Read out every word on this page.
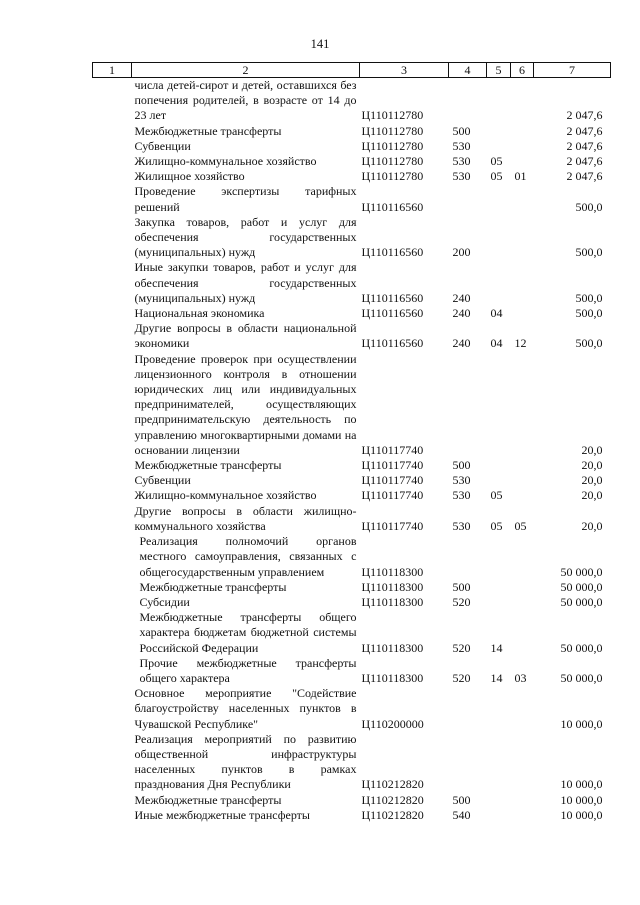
141
1	2	3	4	5	6	7
	числа детей-сирот и детей, оставшихся без попечения родителей, в возрасте от 14 до 23 лет	Ц110112780				2 047,6
	Межбюджетные трансферты	Ц110112780	500			2 047,6
	Субвенции	Ц110112780	530			2 047,6
	Жилищно-коммунальное хозяйство	Ц110112780	530	05		2 047,6
	Жилищное хозяйство	Ц110112780	530	05	01	2 047,6
	Проведение экспертизы тарифных решений	Ц110116560				500,0
	Закупка товаров, работ и услуг для обеспечения государственных (муниципальных) нужд	Ц110116560	200			500,0
	Иные закупки товаров, работ и услуг для обеспечения государственных (муниципальных) нужд	Ц110116560	240			500,0
	Национальная экономика	Ц110116560	240	04		500,0
	Другие вопросы в области национальной экономики	Ц110116560	240	04	12	500,0
	Проведение проверок при осуществлении лицензионного контроля в отношении юридических лиц или индивидуальных предпринимателей, осуществляющих предпринимательскую деятельность по управлению многоквартирными домами на основании лицензии	Ц110117740				20,0
	Межбюджетные трансферты	Ц110117740	500			20,0
	Субвенции	Ц110117740	530			20,0
	Жилищно-коммунальное хозяйство	Ц110117740	530	05		20,0
	Другие вопросы в области жилищно-коммунального хозяйства	Ц110117740	530	05	05	20,0
	Реализация полномочий органов местного самоуправления, связанных с общегосударственным управлением	Ц110118300				50 000,0
	Межбюджетные трансферты	Ц110118300	500			50 000,0
	Субсидии	Ц110118300	520			50 000,0
	Межбюджетные трансферты общего характера бюджетам бюджетной системы Российской Федерации	Ц110118300	520	14		50 000,0
	Прочие межбюджетные трансферты общего характера	Ц110118300	520	14	03	50 000,0
	Основное мероприятие "Содействие благоустройству населенных пунктов в Чувашской Республике"	Ц110200000				10 000,0
	Реализация мероприятий по развитию общественной инфраструктуры населенных пунктов в рамках празднования Дня Республики	Ц110212820				10 000,0
	Межбюджетные трансферты	Ц110212820	500			10 000,0
	Иные межбюджетные трансферты	Ц110212820	540			10 000,0
